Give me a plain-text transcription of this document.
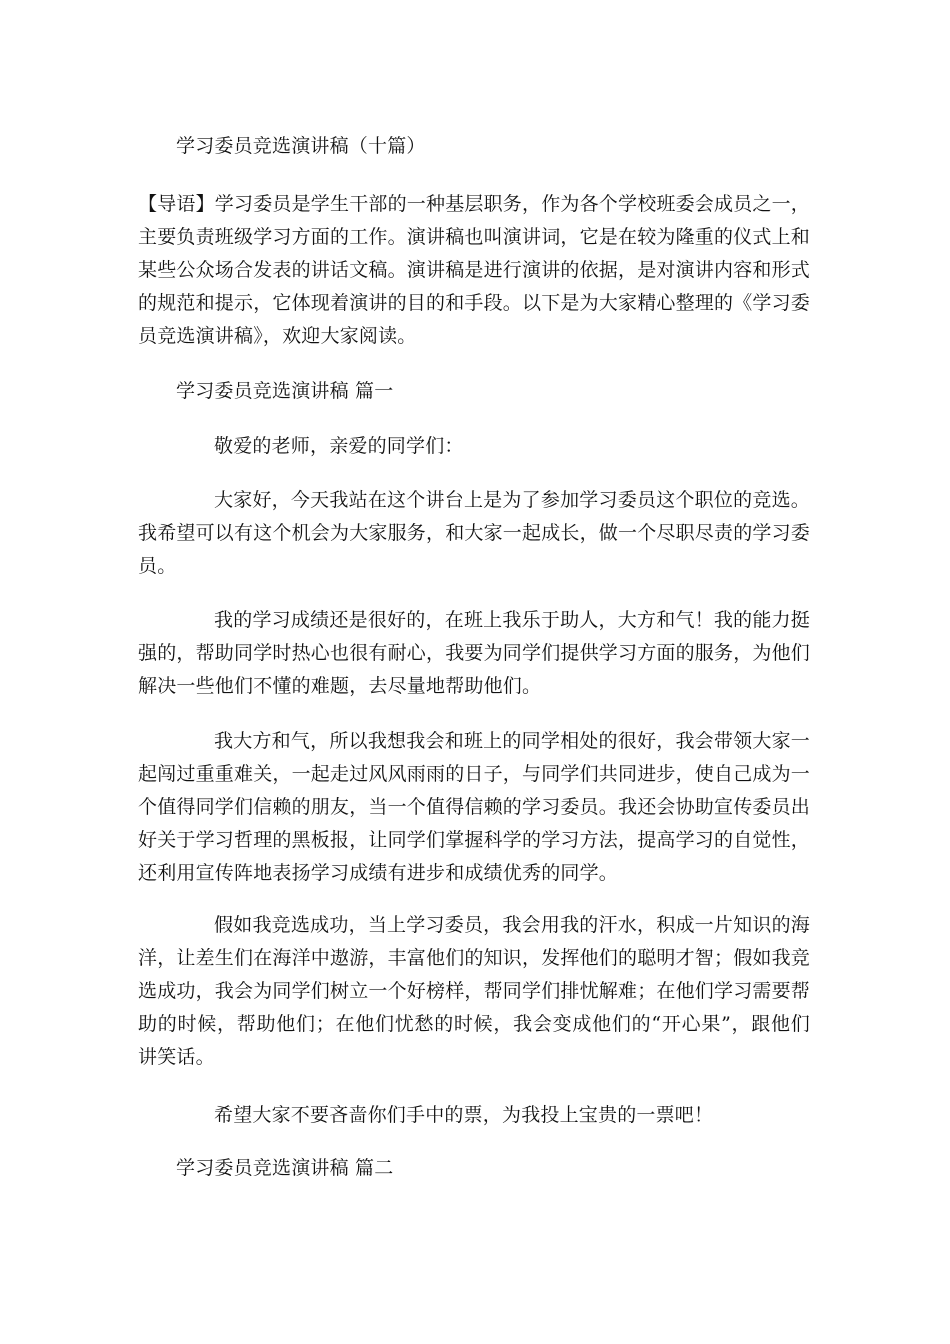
学习委员竞选演讲稿（十篇）
【导语】学习委员是学生干部的一种基层职务，作为各个学校班委会成员之一，主要负责班级学习方面的工作。演讲稿也叫演讲词，它是在较为隆重的仪式上和某些公众场合发表的讲话文稿。演讲稿是进行演讲的依据，是对演讲内容和形式的规范和提示，它体现着演讲的目的和手段。以下是为大家精心整理的《学习委员竞选演讲稿》，欢迎大家阅读。
学习委员竞选演讲稿 篇一
敬爱的老师，亲爱的同学们：
大家好，今天我站在这个讲台上是为了参加学习委员这个职位的竞选。我希望可以有这个机会为大家服务，和大家一起成长，做一个尽职尽责的学习委员。
我的学习成绩还是很好的，在班上我乐于助人，大方和气！我的能力挺强的，帮助同学时热心也很有耐心，我要为同学们提供学习方面的服务，为他们解决一些他们不懂的难题，去尽量地帮助他们。
我大方和气，所以我想我会和班上的同学相处的很好，我会带领大家一起闯过重重难关，一起走过风风雨雨的日子，与同学们共同进步，使自己成为一个值得同学们信赖的朋友，当一个值得信赖的学习委员。我还会协助宣传委员出好关于学习哲理的黑板报，让同学们掌握科学的学习方法，提高学习的自觉性，还利用宣传阵地表扬学习成绩有进步和成绩优秀的同学。
假如我竞选成功，当上学习委员，我会用我的汗水，积成一片知识的海洋，让差生们在海洋中遨游，丰富他们的知识，发挥他们的聪明才智；假如我竞选成功，我会为同学们树立一个好榜样，帮同学们排忧解难；在他们学习需要帮助的时候，帮助他们；在他们忧愁的时候，我会变成他们的“开心果”，跟他们讲笑话。
希望大家不要吝啬你们手中的票，为我投上宝贵的一票吧！
学习委员竞选演讲稿 篇二
